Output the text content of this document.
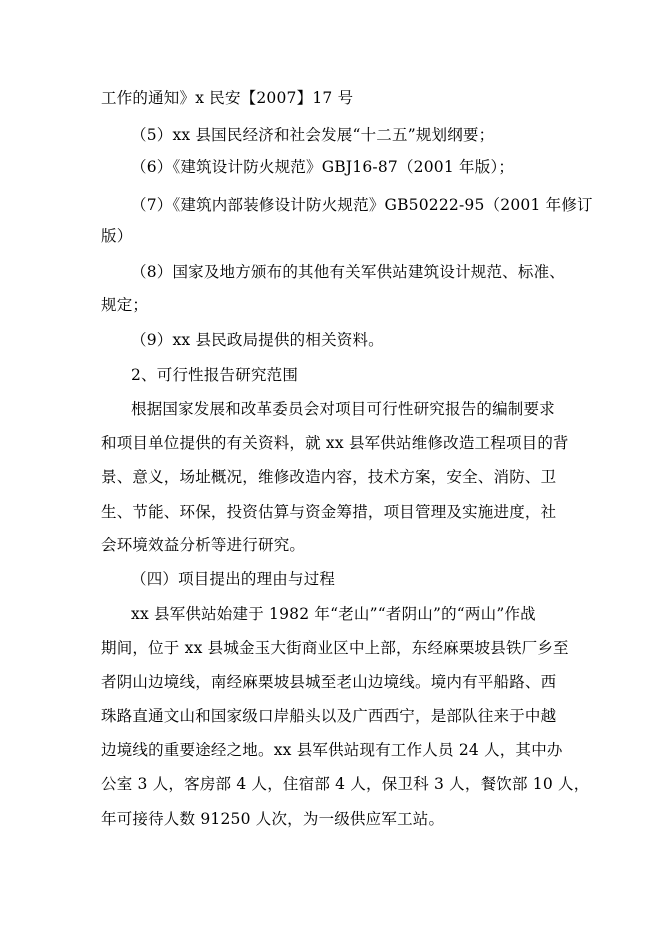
工作的通知》x 民安【2007】17 号
（5）xx 县国民经济和社会发展“十二五”规划纲要；
（6）《建筑设计防火规范》GBJ16-87（2001 年版）；
（7）《建筑内部装修设计防火规范》GB50222-95（2001 年修订
版）
（8）国家及地方颁布的其他有关军供站建筑设计规范、标准、
规定；
（9）xx 县民政局提供的相关资料。
2、可行性报告研究范围
根据国家发展和改革委员会对项目可行性研究报告的编制要求
和项目单位提供的有关资料，就 xx 县军供站维修改造工程项目的背
景、意义，场址概况，维修改造内容，技术方案，安全、消防、卫
生、节能、环保，投资估算与资金筹措，项目管理及实施进度，社
会环境效益分析等进行研究。
（四）项目提出的理由与过程
xx 县军供站始建于 1982 年“老山”“者阴山”的“两山”作战
期间，位于 xx 县城金玉大街商业区中上部，东经麻栗坡县铁厂乡至
者阴山边境线，南经麻栗坡县城至老山边境线。境内有平船路、西
珠路直通文山和国家级口岸船头以及广西西宁，是部队往来于中越
边境线的重要途经之地。xx 县军供站现有工作人员 24 人，其中办
公室 3 人，客房部 4 人，住宿部 4 人，保卫科 3 人，餐饮部 10 人，
年可接待人数 91250 人次，为一级供应军工站。
